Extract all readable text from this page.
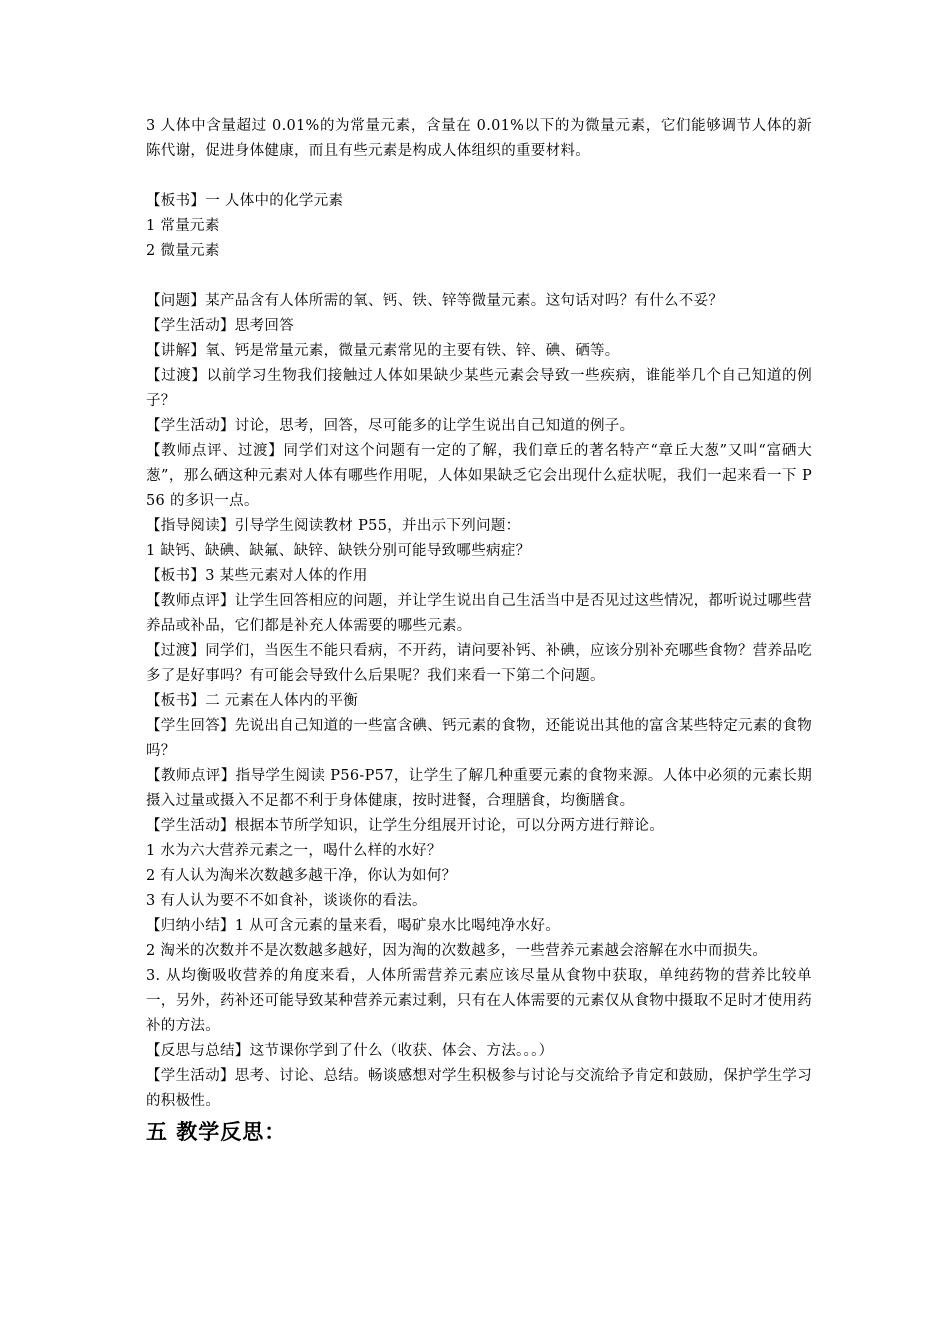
3 人体中含量超过 0.01%的为常量元素，含量在 0.01%以下的为微量元素，它们能够调节人体的新陈代谢，促进身体健康，而且有些元素是构成人体组织的重要材料。

【板书】一 人体中的化学元素

1 常量元素

2 微量元素

【问题】某产品含有人体所需的氧、钙、铁、锌等微量元素。这句话对吗？有什么不妥？

【学生活动】思考回答

【讲解】氧、钙是常量元素，微量元素常见的主要有铁、锌、碘、硒等。

【过渡】以前学习生物我们接触过人体如果缺少某些元素会导致一些疾病，谁能举几个自己知道的例子？

【学生活动】讨论，思考，回答，尽可能多的让学生说出自己知道的例子。

【教师点评、过渡】同学们对这个问题有一定的了解，我们章丘的著名特产“章丘大葱”又叫“富硒大葱”，那么硒这种元素对人体有哪些作用呢，人体如果缺乏它会出现什么症状呢，我们一起来看一下 P56 的多识一点。

【指导阅读】引导学生阅读教材 P55，并出示下列问题：

1 缺钙、缺碘、缺氟、缺锌、缺铁分别可能导致哪些病症？

【板书】3 某些元素对人体的作用

【教师点评】让学生回答相应的问题，并让学生说出自己生活当中是否见过这些情况，都听说过哪些营养品或补品，它们都是补充人体需要的哪些元素。

【过渡】同学们，当医生不能只看病，不开药，请问要补钙、补碘，应该分别补充哪些食物？营养品吃多了是好事吗？有可能会导致什么后果呢？我们来看一下第二个问题。

【板书】二 元素在人体内的平衡

【学生回答】先说出自己知道的一些富含碘、钙元素的食物，还能说出其他的富含某些特定元素的食物吗？

【教师点评】指导学生阅读 P56-P57，让学生了解几种重要元素的食物来源。人体中必须的元素长期摄入过量或摄入不足都不利于身体健康，按时进餐，合理膳食，均衡膳食。

【学生活动】根据本节所学知识，让学生分组展开讨论，可以分两方进行辩论。

1 水为六大营养元素之一，喝什么样的水好？

2 有人认为淘米次数越多越干净，你认为如何？

3 有人认为要不不如食补，谈谈你的看法。

【归纳小结】1 从可含元素的量来看，喝矿泉水比喝纯净水好。

2 淘米的次数并不是次数越多越好，因为淘的次数越多，一些营养元素越会溶解在水中而损失。

3. 从均衡吸收营养的角度来看，人体所需营养元素应该尽量从食物中获取，单纯药物的营养比较单一，另外，药补还可能导致某种营养元素过剩，只有在人体需要的元素仅从食物中摄取不足时才使用药补的方法。

【反思与总结】这节课你学到了什么（收获、体会、方法。。。）

【学生活动】思考、讨论、总结。畅谈感想对学生积极参与讨论与交流给予肯定和鼓励，保护学生学习的积极性。

五 教学反思：
